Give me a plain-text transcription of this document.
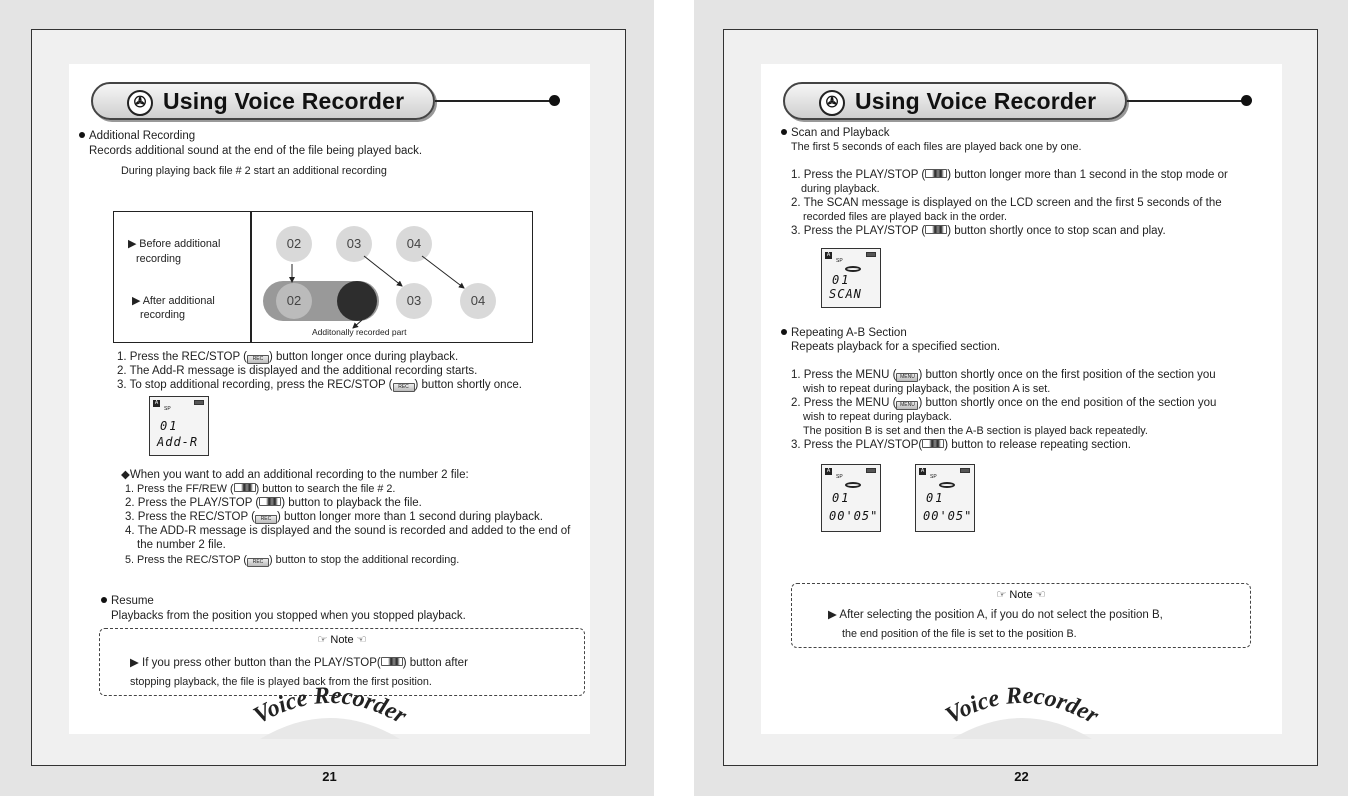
✇ Using Voice Recorder
Additional Recording
Records additional sound at the end of the file being played back.
During playing back file # 2 start an additional recording
▶ Before additional
recording
▶ After additional
recording
02	03	04
02	03	04
Additonally recorded part
1. Press the REC/STOP ( REC ) button longer once during playback.
2. The Add-R message is displayed and the additional recording starts.
3. To stop additional recording, press the REC/STOP ( REC ) button shortly once.
A
SP
01
Add-R
◆When you want to add an additional recording to the number 2 file:
1. Press the FF/REW ( ) button to search the file # 2.
2. Press the PLAY/STOP ( ) button to playback the file.
3. Press the REC/STOP ( REC ) button longer more than 1 second during playback.
4. The ADD-R message is displayed and the sound is recorded and added to the end of
the number 2 file.
5. Press the REC/STOP ( REC ) button to stop the additional recording.
Resume
Playbacks from the position you stopped when you stopped playback.
☞ Note ☜
▶ If you press other button than the PLAY/STOP( ) button after
stopping playback, the file is played back from the first position.
Voice Recorder
21
✇ Using Voice Recorder
Scan and Playback
The first 5 seconds of each files are played back one by one.
1. Press the PLAY/STOP ( ) button longer more than 1 second in the stop mode or
during playback.
2. The SCAN message is displayed on the LCD screen and the first 5 seconds of the
recorded files are played back in the order.
3. Press the PLAY/STOP ( ) button shortly once to stop scan and play.
A
SP
01
SCAN
Repeating A-B Section
Repeats playback for a specified section.
1. Press the MENU ( MENU ) button shortly once on the first position of the section you
wish to repeat during playback, the position A is set.
2. Press the MENU ( MENU ) button shortly once on the end position of the section you
wish to repeat during playback.
The position B is set and then the A-B section is played back repeatedly.
3. Press the PLAY/STOP( ) button to release repeating section.
A
SP
01
00'05"
A
SP
01
00'05"
☞ Note ☜
▶ After selecting the position A, if you do not select the position B,
the end position of the file is set to the position B.
Voice Recorder
22
